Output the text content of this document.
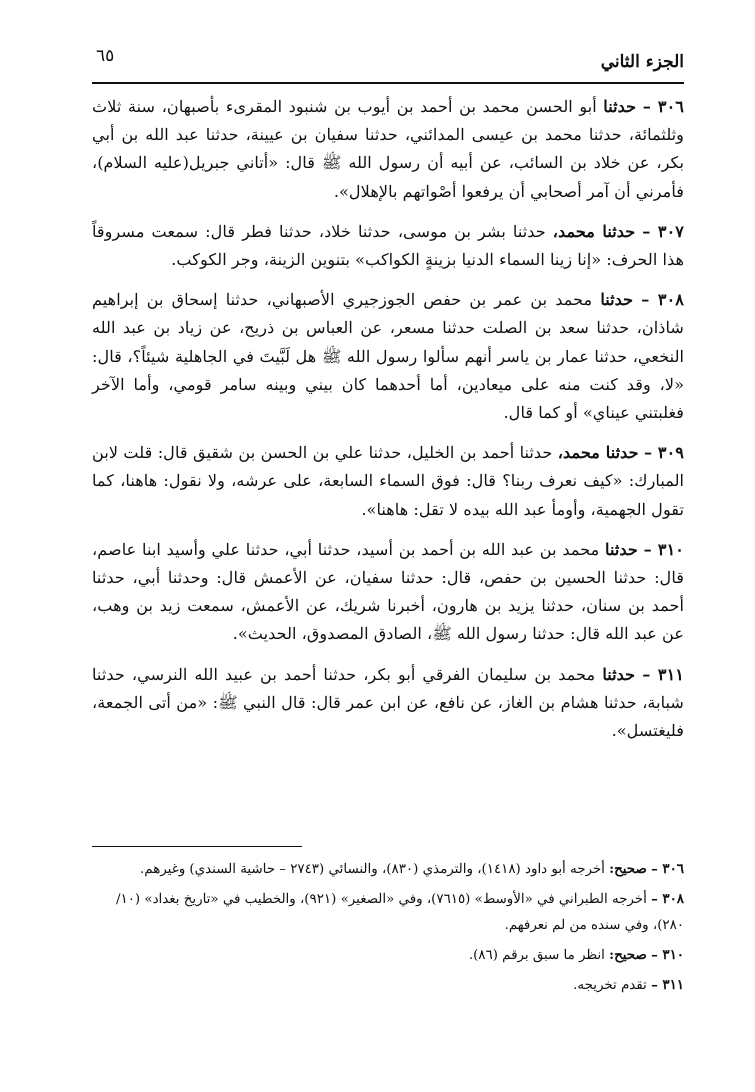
الجزء الثاني
٦٥

٣٠٦ – حدثنا أبو الحسن محمد بن أحمد بن أيوب بن شنبود المقرىء بأصبهان، سنة ثلاث وثلثمائة، حدثنا محمد بن عيسى المدائني، حدثنا سفيان بن عيينة، حدثنا عبد الله بن أبي بكر، عن خلاد بن السائب، عن أبيه أن رسول الله ﷺ قال: «أتاني جبريل(عليه السلام)، فأمرني أن آمر أصحابي أن يرفعوا أصْواتهم بالإهلال».

٣٠٧ – حدثنا محمد، حدثنا بشر بن موسى، حدثنا خلاد، حدثنا فطر قال: سمعت مسروقاً هذا الحرف: «إنا زينا السماء الدنيا بزينةٍ الكواكب» بتنوين الزينة، وجر الكوكب.

٣٠٨ – حدثنا محمد بن عمر بن حفص الجوزجيري الأصبهاني، حدثنا إسحاق بن إبراهيم شاذان، حدثنا سعد بن الصلت حدثنا مسعر، عن العباس بن ذريح، عن زياد بن عبد الله النخعي، حدثنا عمار بن ياسر أنهم سألوا رسول الله ﷺ هل لَبَّيتَ في الجاهلية شيئاً؟، قال: «لا، وقد كنت منه على ميعادين، أما أحدهما كان بيني وبينه سامر قومي، وأما الآخر فغلبتني عيناي» أو كما قال.

٣٠٩ – حدثنا محمد، حدثنا أحمد بن الخليل، حدثنا علي بن الحسن بن شقيق قال: قلت لابن المبارك: «كيف نعرف ربنا؟ قال: فوق السماء السابعة، على عرشه، ولا نقول: هاهنا، كما تقول الجهمية، وأومأ عبد الله بيده لا تقل: هاهنا».

٣١٠ – حدثنا محمد بن عبد الله بن أحمد بن أسيد، حدثنا أبي، حدثنا علي وأسيد ابنا عاصم، قال: حدثنا الحسين بن حفص، قال: حدثنا سفيان، عن الأعمش قال: وحدثنا أبي، حدثنا أحمد بن سنان، حدثنا يزيد بن هارون، أخبرنا شريك، عن الأعمش، سمعت زيد بن وهب، عن عبد الله قال: حدثنا رسول الله ﷺ، الصادق المصدوق، الحديث».

٣١١ – حدثنا محمد بن سليمان الفرقي أبو بكر، حدثنا أحمد بن عبيد الله النرسي، حدثنا شبابة، حدثنا هشام بن الغاز، عن نافع، عن ابن عمر قال: قال النبي ﷺ: «من أتى الجمعة، فليغتسل».

٣٠٦ – صحيح: أخرجه أبو داود (١٤١٨)، والترمذي (٨٣٠)، والنسائي (٢٧٤٣ – حاشية السندي) وغيرهم.

٣٠٨ – أخرجه الطبراني في «الأوسط» (٧٦١٥)، وفي «الصغير» (٩٢١)، والخطيب في «تاريخ بغداد» (١٠/ ٢٨٠)، وفي سنده من لم نعرفهم.

٣١٠ – صحيح: انظر ما سبق برقم (٨٦).

٣١١ – تقدم تخريجه.
